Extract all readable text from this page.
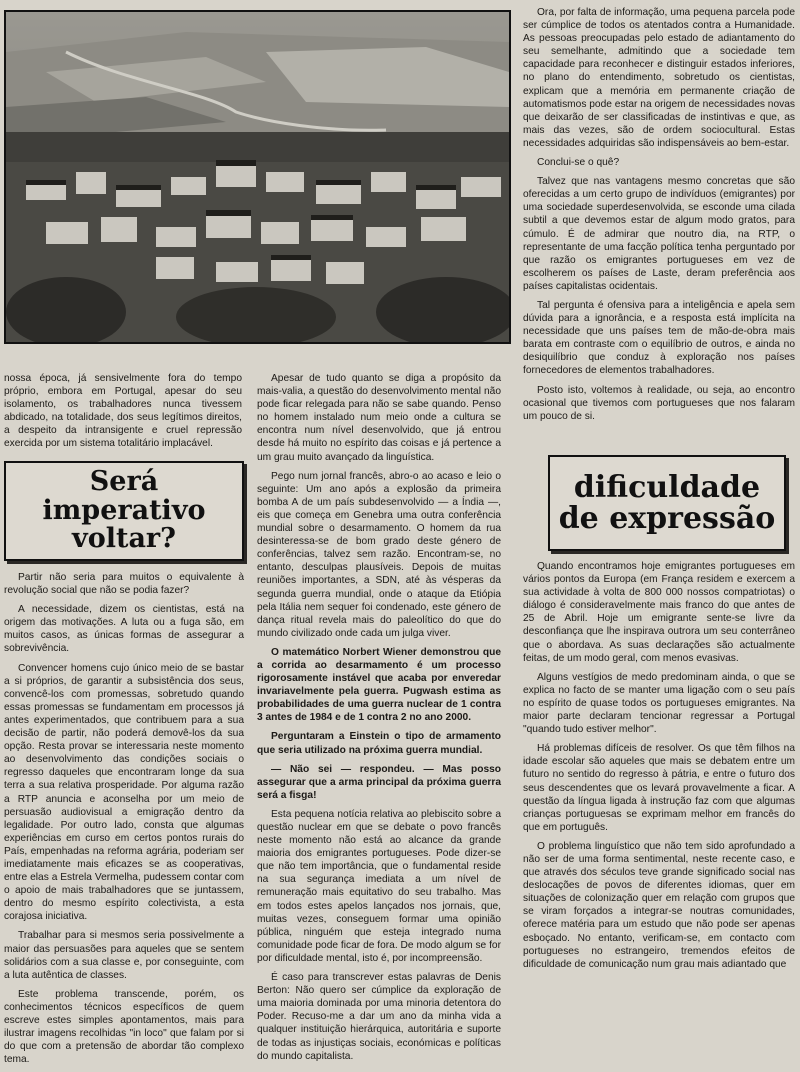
nossa época, já sensivelmente fora do tempo próprio, embora em Portugal, apesar do seu isolamento, os trabalhadores nunca tivessem abdicado, na totalidade, dos seus legítimos direitos, a despeito da intransigente e cruel repressão exercida por um sistema totalitário implacável.

Será imperativo
voltar?

Partir não seria para muitos o equivalente à revolução social que não se podia fazer?

A necessidade, dizem os cientistas, está na origem das motivações. A luta ou a fuga são, em muitos casos, as únicas formas de assegurar a sobrevivência.

Convencer homens cujo único meio de se bastar a si próprios, de garantir a subsistência dos seus, convencê-los com promessas, sobretudo quando essas promessas se fundamentam em processos já antes experimentados, que contribuem para a sua decisão de partir, não poderá demovê-los da sua opção. Resta provar se interessaria neste momento ao desenvolvimento das condições sociais o regresso daqueles que encontraram longe da sua terra a sua relativa prosperidade. Por alguma razão a RTP anuncia e aconselha por um meio de persuasão audiovisual a emigração dentro da legalidade. Por outro lado, consta que algumas experiências em curso em certos pontos rurais do País, empenhadas na reforma agrária, poderiam ser imediatamente mais eficazes se as cooperativas, entre elas a Estrela Vermelha, pudessem contar com o apoio de mais trabalhadores que se juntassem, dentro do mesmo espírito colectivista, a esta corajosa iniciativa.

Trabalhar para si mesmos seria possivelmente a maior das persuasões para aqueles que se sentem solidários com a sua classe e, por conseguinte, com a luta autêntica de classes.

Este problema transcende, porém, os conhecimentos técnicos específicos de quem escreve estes simples apontamentos, mais para ilustrar imagens recolhidas "in loco" que falam por si do que com a pretensão de abordar tão complexo tema.

Apesar de tudo quanto se diga a propósito da mais-valia, a questão do desenvolvimento mental não pode ficar relegada para não se sabe quando. Penso no homem instalado num meio onde a cultura se encontra num nível desenvolvido, que já entrou desde há muito no espírito das coisas e já pertence a um grau muito avançado da linguística.

Pego num jornal francês, abro-o ao acaso e leio o seguinte: Um ano após a explosão da primeira bomba A de um país subdesenvolvido — a Índia —, eis que começa em Genebra uma outra conferência mundial sobre o desarmamento. O homem da rua desinteressa-se de bom grado deste género de conferências, talvez sem razão. Encontram-se, no entanto, desculpas plausíveis. Depois de muitas reuniões importantes, a SDN, até às vésperas da segunda guerra mundial, onde o ataque da Etiópia pela Itália nem sequer foi condenado, este género de dança ritual revela mais do paleolítico do que do mundo civilizado onde cada um julga viver.

O matemático Norbert Wiener demonstrou que a corrida ao desarmamento é um processo rigorosamente instável que acaba por enveredar invariavelmente pela guerra. Pugwash estima as probabilidades de uma guerra nuclear de 1 contra 3 antes de 1984 e de 1 contra 2 no ano 2000.

Perguntaram a Einstein o tipo de armamento que seria utilizado na próxima guerra mundial.

— Não sei — respondeu. — Mas posso assegurar que a arma principal da próxima guerra será a fisga!

Esta pequena notícia relativa ao plebiscito sobre a questão nuclear em que se debate o povo francês neste momento não está ao alcance da grande maioria dos emigrantes portugueses. Pode dizer-se que não tem importância, que o fundamental reside na sua segurança imediata a um nível de remuneração mais equitativo do seu trabalho. Mas em todos estes apelos lançados nos jornais, que, muitas vezes, conseguem formar uma opinião pública, ninguém que esteja integrado numa comunidade pode ficar de fora. De modo algum se for por dificuldade mental, isto é, por incompreensão.

É caso para transcrever estas palavras de Denis Berton: Não quero ser cúmplice da exploração de uma maioria dominada por uma minoria detentora do Poder. Recuso-me a dar um ano da minha vida a qualquer instituição hierárquica, autoritária e suporte de todas as injustiças sociais, económicas e políticas do mundo capitalista.

Ora, por falta de informação, uma pequena parcela pode ser cúmplice de todos os atentados contra a Humanidade. As pessoas preocupadas pelo estado de adiantamento do seu semelhante, admitindo que a sociedade tem capacidade para reconhecer e distinguir estados inferiores, no plano do entendimento, sobretudo os cientistas, explicam que a memória em permanente criação de automatismos pode estar na origem de necessidades novas que deixarão de ser classificadas de instintivas e que, as mais das vezes, são de ordem sociocultural. Estas necessidades adquiridas são indispensáveis ao bem-estar.

Conclui-se o quê?

Talvez que nas vantagens mesmo concretas que são oferecidas a um certo grupo de indivíduos (emigrantes) por uma sociedade superdesenvolvida, se esconde uma cilada subtil a que devemos estar de algum modo gratos, para cúmulo. É de admirar que noutro dia, na RTP, o representante de uma facção política tenha perguntado por que razão os emigrantes portugueses em vez de escolherem os países de Laste, deram preferência aos países capitalistas ocidentais.

Tal pergunta é ofensiva para a inteligência e apela sem dúvida para a ignorância, e a resposta está implícita na necessidade que uns países tem de mão-de-obra mais barata em contraste com o equilíbrio de outros, e ainda no desiquilíbrio que conduz à exploração nos países fornecedores de elementos trabalhadores.

Posto isto, voltemos à realidade, ou seja, ao encontro ocasional que tivemos com portugueses que nos falaram um pouco de si.

dificuldade
de expressão

Quando encontramos hoje emigrantes portugueses em vários pontos da Europa (em França residem e exercem a sua actividade à volta de 800 000 nossos compatriotas) o diálogo é consideravelmente mais franco do que antes de 25 de Abril. Hoje um emigrante sente-se livre da desconfiança que lhe inspirava outrora um seu conterrâneo que o abordava. As suas declarações são actualmente feitas, de um modo geral, com menos evasivas.

Alguns vestígios de medo predominam ainda, o que se explica no facto de se manter uma ligação com o seu país no espírito de quase todos os portugueses emigrantes. Na maior parte declaram tencionar regressar a Portugal "quando tudo estiver melhor".

Há problemas difíceis de resolver. Os que têm filhos na idade escolar são aqueles que mais se debatem entre um futuro no sentido do regresso à pátria, e entre o futuro dos seus descendentes que os levará provavelmente a ficar. A questão da língua ligada à instrução faz com que algumas crianças portuguesas se exprimam melhor em francês do que em português.

O problema linguístico que não tem sido aprofundado a não ser de uma forma sentimental, neste recente caso, e que através dos séculos teve grande significado social nas deslocações de povos de diferentes idiomas, quer em situações de colonização quer em relação com grupos que se viram forçados a integrar-se noutras comunidades, oferece matéria para um estudo que não pode ser apenas esboçado. No entanto, verificam-se, em contacto com portugueses no estrangeiro, tremendos efeitos de dificuldade de comunicação num grau mais adiantado que
